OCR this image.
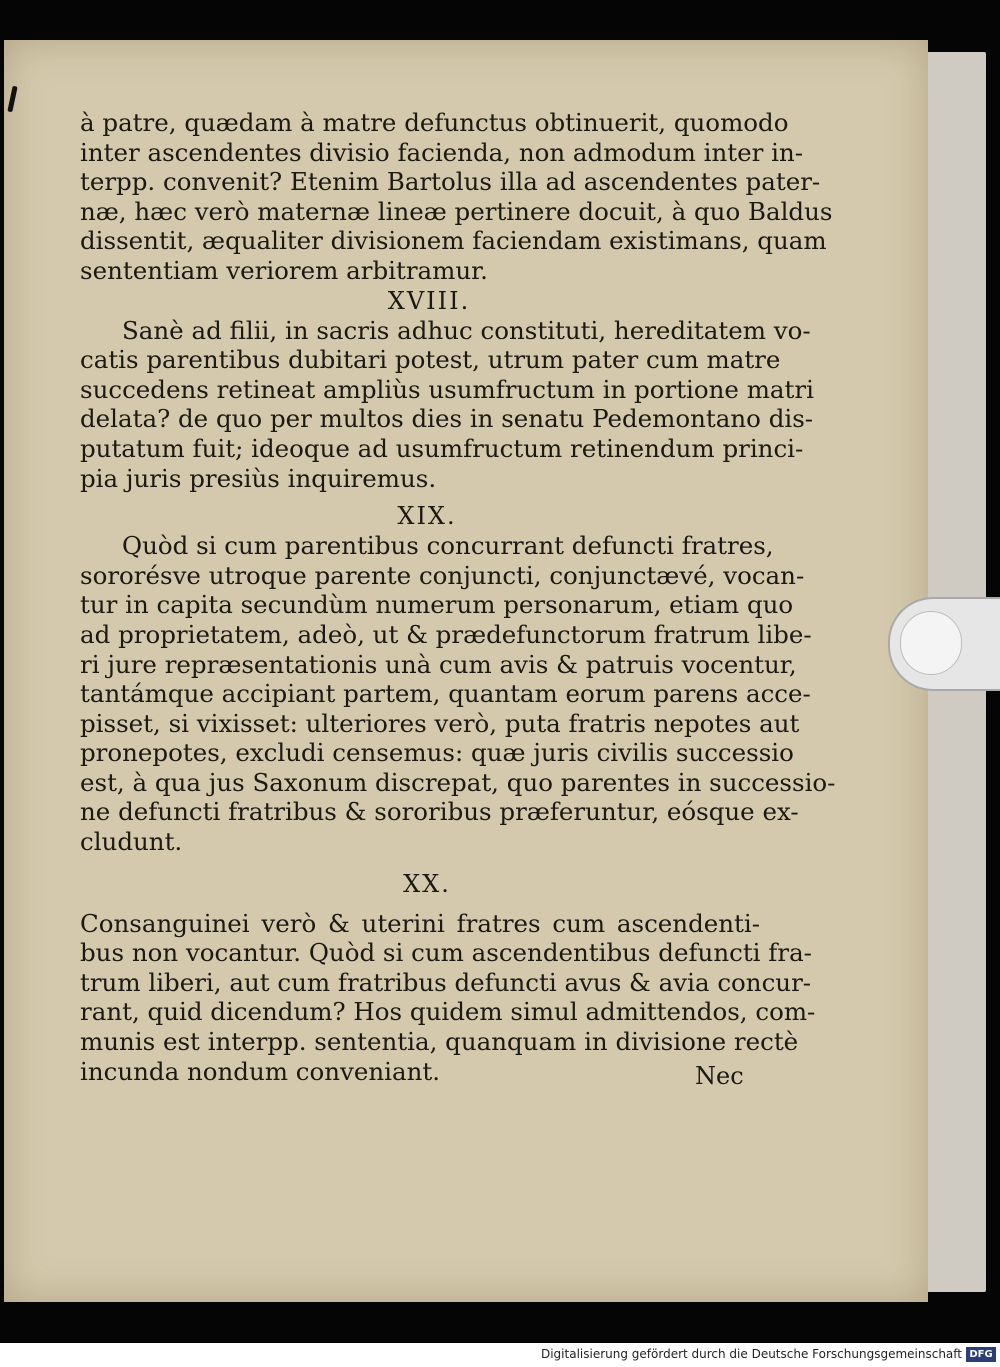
à patre, quædam à matre defunctus obtinuerit, quomodo
inter ascendentes divisio facienda, non admodum inter in-
terpp. convenit? Etenim Bartolus illa ad ascendentes pater-
næ, hæc verò maternæ lineæ pertinere docuit, à quo Baldus
dissentit, æqualiter divisionem faciendam existimans, quam
sententiam veriorem arbitramur.
XVIII.
Sanè ad filii, in sacris adhuc constituti, hereditatem vo-
catis parentibus dubitari potest, utrum pater cum matre
succedens retineat ampliùs usumfructum in portione matri
delata? de quo per multos dies in senatu Pedemontano dis-
putatum fuit; ideoque ad usumfructum retinendum princi-
pia juris presiùs inquiremus.
XIX.
Quòd si cum parentibus concurrant defuncti fratres,
sororésve utroque parente conjuncti, conjunctævé, vocan-
tur in capita secundùm numerum personarum, etiam quo
ad proprietatem, adeò, ut & prædefunctorum fratrum libe-
ri jure repræsentationis unà cum avis & patruis vocentur,
tantámque accipiant partem, quantam eorum parens acce-
pisset, si vixisset: ulteriores verò, puta fratris nepotes aut
pronepotes, excludi censemus: quæ juris civilis successio
est, à qua jus Saxonum discrepat, quo parentes in successio-
ne defuncti fratribus & sororibus præferuntur, eósque ex-
cludunt.
XX.
Consanguinei verò & uterini fratres cum ascendenti-
bus non vocantur. Quòd si cum ascendentibus defuncti fra-
trum liberi, aut cum fratribus defuncti avus & avia concur-
rant, quid dicendum? Hos quidem simul admittendos, com-
munis est interpp. sententia, quanquam in divisione rectè
incunda nondum conveniant.	Nec
Digitalisierung gefördert durch die Deutsche Forschungsgemeinschaft DFG
